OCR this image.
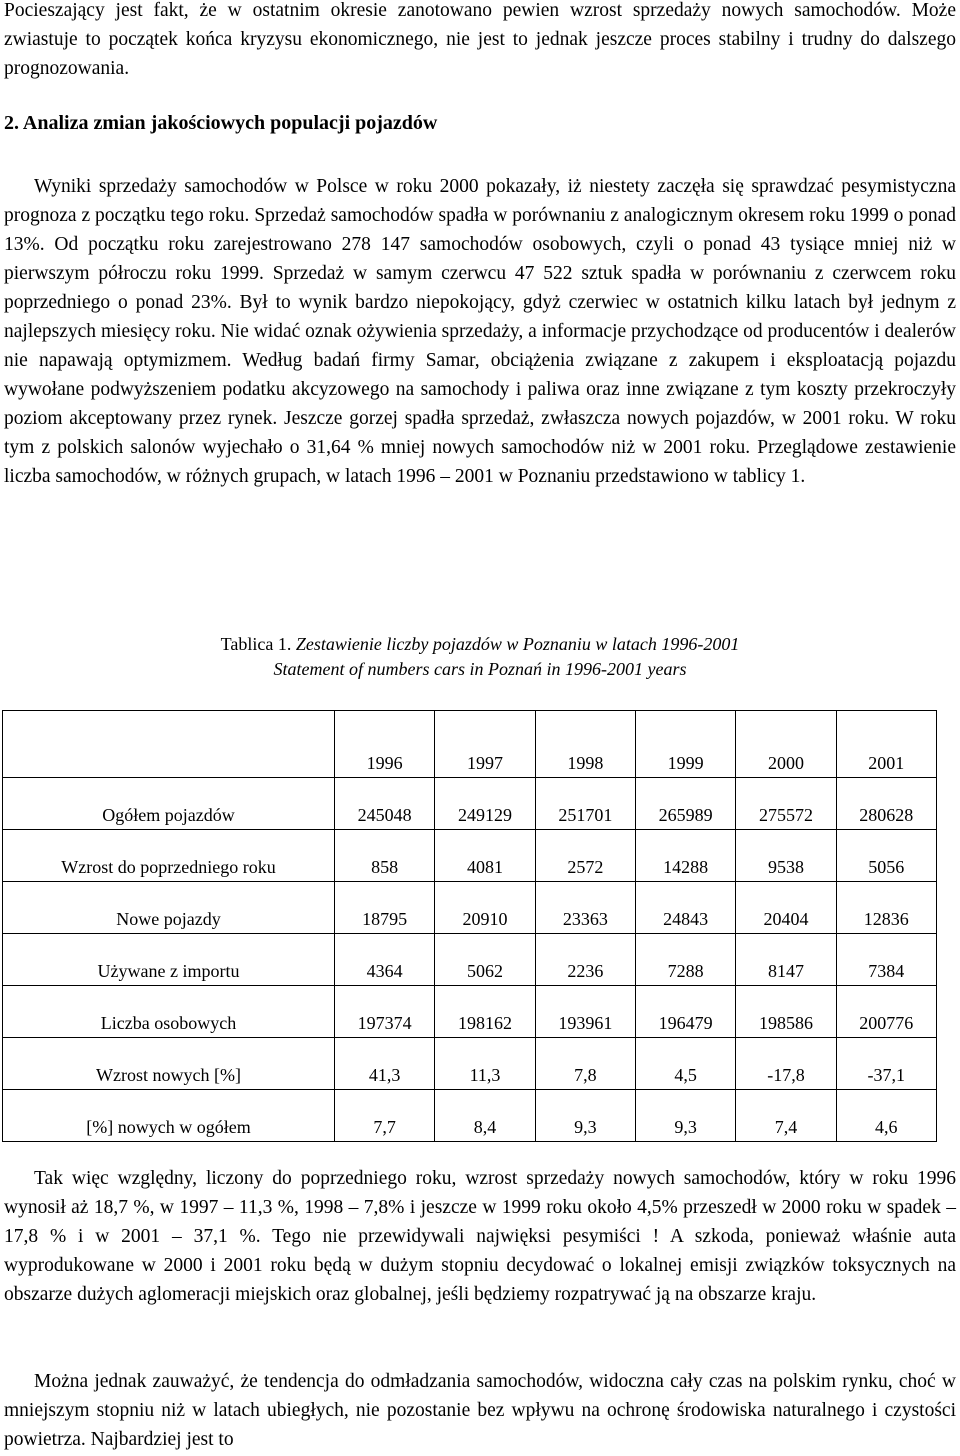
Pocieszający jest fakt, że w ostatnim okresie zanotowano pewien wzrost sprzedaży nowych samochodów. Może zwiastuje to początek końca kryzysu ekonomicznego, nie jest to jednak jeszcze proces stabilny i trudny do dalszego prognozowania.

2. Analiza zmian jakościowych populacji pojazdów

Wyniki sprzedaży samochodów w Polsce w roku 2000 pokazały, iż niestety zaczęła się sprawdzać pesymistyczna prognoza z początku tego roku. Sprzedaż samochodów spadła w porównaniu z analogicznym okresem roku 1999 o ponad 13%. Od początku roku zarejestrowano 278 147 samochodów osobowych, czyli o ponad 43 tysiące mniej niż w pierwszym półroczu roku 1999. Sprzedaż w samym czerwcu 47 522 sztuk spadła w porównaniu z czerwcem roku poprzedniego o ponad 23%. Był to wynik bardzo niepokojący, gdyż czerwiec w ostatnich kilku latach był jednym z najlepszych miesięcy roku. Nie widać oznak ożywienia sprzedaży, a informacje przychodzące od producentów i dealerów nie napawają optymizmem. Według badań firmy Samar, obciążenia związane z zakupem i eksploatacją pojazdu wywołane podwyższeniem podatku akcyzowego na samochody i paliwa oraz inne związane z tym koszty przekroczyły poziom akceptowany przez rynek. Jeszcze gorzej spadła sprzedaż, zwłaszcza nowych pojazdów, w 2001 roku. W roku tym z polskich salonów wyjechało o 31,64 % mniej nowych samochodów niż w 2001 roku. Przeglądowe zestawienie liczba samochodów, w różnych grupach, w latach 1996 – 2001 w Poznaniu przedstawiono w tablicy 1.

Tablica 1. Zestawienie liczby pojazdów w Poznaniu w latach 1996-2001

Statement of numbers cars in Poznań in 1996-2001 years

	1996	1997	1998	1999	2000	2001
Ogółem pojazdów	245048	249129	251701	265989	275572	280628
Wzrost do poprzedniego roku	858	4081	2572	14288	9538	5056
Nowe pojazdy	18795	20910	23363	24843	20404	12836
Używane z importu	4364	5062	2236	7288	8147	7384
Liczba osobowych	197374	198162	193961	196479	198586	200776
Wzrost nowych [%]	41,3	11,3	7,8	4,5	-17,8	-37,1
[%] nowych w ogółem	7,7	8,4	9,3	9,3	7,4	4,6

Tak więc względny, liczony do poprzedniego roku, wzrost sprzedaży nowych samochodów, który w roku 1996 wynosił aż 18,7 %, w 1997 – 11,3 %, 1998 – 7,8% i jeszcze w 1999 roku około 4,5% przeszedł w 2000 roku w spadek – 17,8 % i w 2001 – 37,1 %. Tego nie przewidywali najwięksi pesymiści ! A szkoda, ponieważ właśnie auta wyprodukowane w 2000 i 2001 roku będą w dużym stopniu decydować o lokalnej emisji związków toksycznych na obszarze dużych aglomeracji miejskich oraz globalnej, jeśli będziemy rozpatrywać ją na obszarze kraju.

Można jednak zauważyć, że tendencja do odmładzania samochodów, widoczna cały czas na polskim rynku, choć w mniejszym stopniu niż w latach ubiegłych, nie pozostanie bez wpływu na ochronę środowiska naturalnego i czystości powietrza. Najbardziej jest to
